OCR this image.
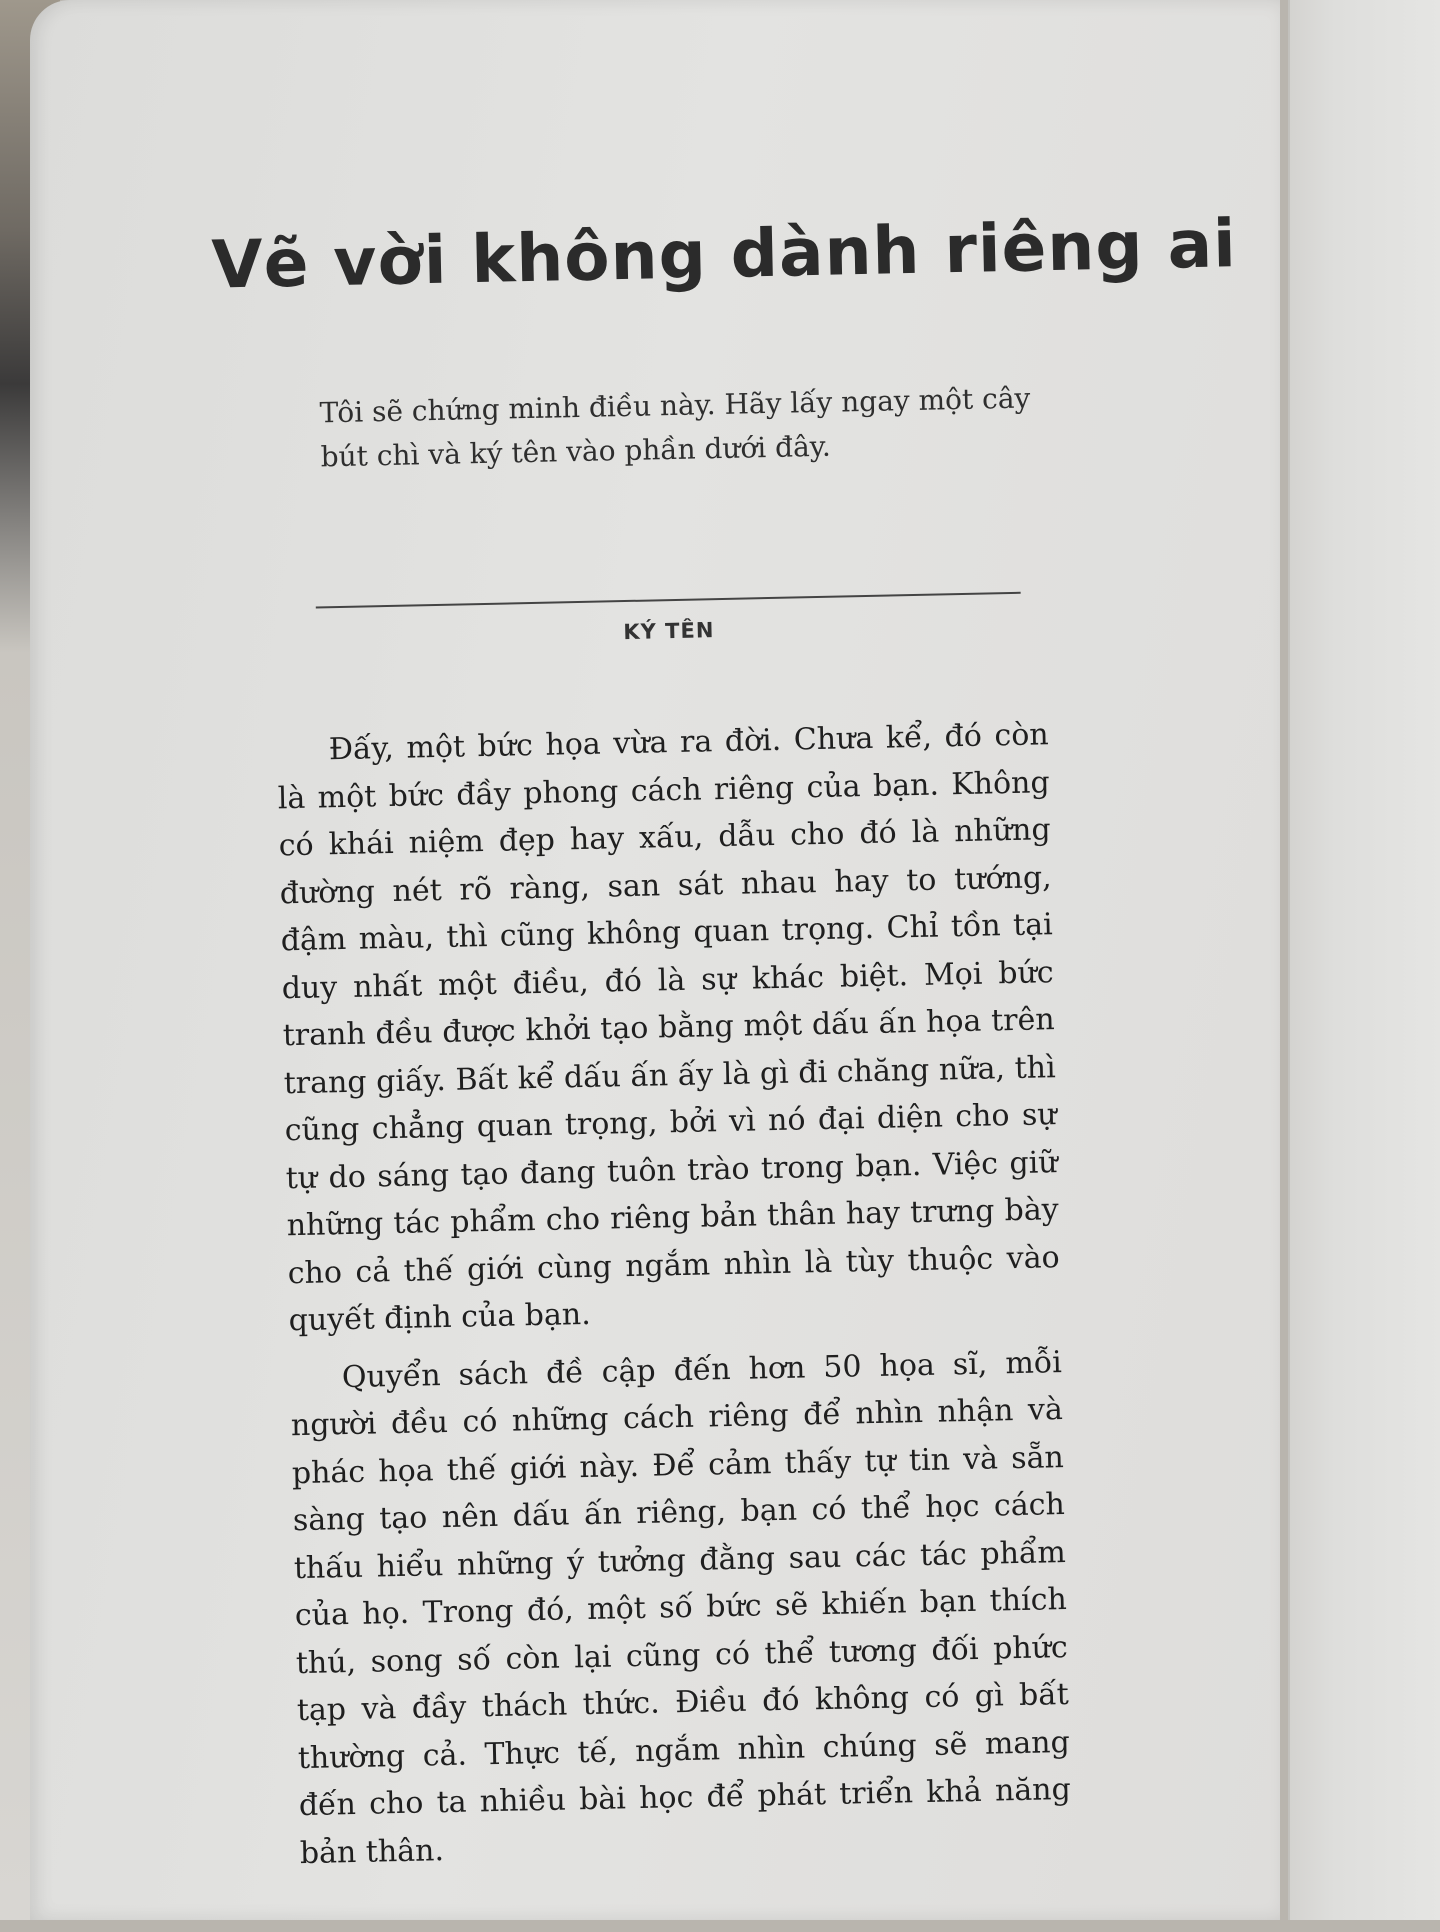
Vẽ vời không dành riêng ai

Tôi sẽ chứng minh điều này. Hãy lấy ngay một cây bút chì và ký tên vào phần dưới đây.

KÝ TÊN

Đấy, một bức họa vừa ra đời. Chưa kể, đó còn là một bức đầy phong cách riêng của bạn. Không có khái niệm đẹp hay xấu, dẫu cho đó là những đường nét rõ ràng, san sát nhau hay to tướng, đậm màu, thì cũng không quan trọng. Chỉ tồn tại duy nhất một điều, đó là sự khác biệt. Mọi bức tranh đều được khởi tạo bằng một dấu ấn họa trên trang giấy. Bất kể dấu ấn ấy là gì đi chăng nữa, thì cũng chẳng quan trọng, bởi vì nó đại diện cho sự tự do sáng tạo đang tuôn trào trong bạn. Việc giữ những tác phẩm cho riêng bản thân hay trưng bày cho cả thế giới cùng ngắm nhìn là tùy thuộc vào quyết định của bạn.

Quyển sách đề cập đến hơn 50 họa sĩ, mỗi người đều có những cách riêng để nhìn nhận và phác họa thế giới này. Để cảm thấy tự tin và sẵn sàng tạo nên dấu ấn riêng, bạn có thể học cách thấu hiểu những ý tưởng đằng sau các tác phẩm của họ. Trong đó, một số bức sẽ khiến bạn thích thú, song số còn lại cũng có thể tương đối phức tạp và đầy thách thức. Điều đó không có gì bất thường cả. Thực tế, ngắm nhìn chúng sẽ mang đến cho ta nhiều bài học để phát triển khả năng bản thân.
